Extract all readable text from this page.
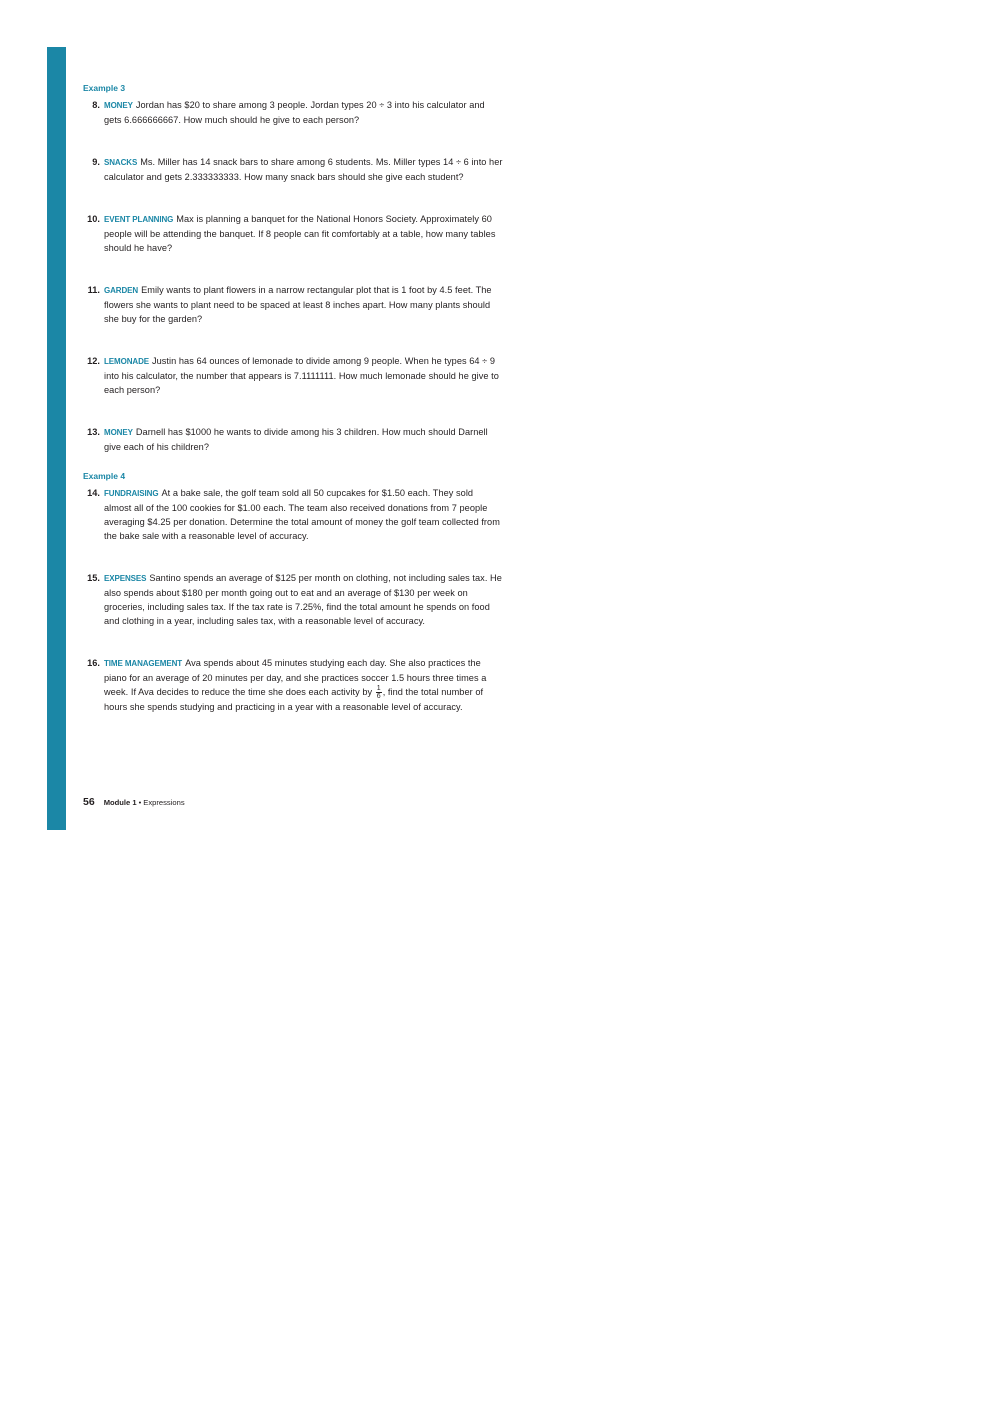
Example 3
8. MONEY Jordan has $20 to share among 3 people. Jordan types 20 ÷ 3 into his calculator and gets 6.666666667. How much should he give to each person?
9. SNACKS Ms. Miller has 14 snack bars to share among 6 students. Ms. Miller types 14 ÷ 6 into her calculator and gets 2.333333333. How many snack bars should she give each student?
10. EVENT PLANNING Max is planning a banquet for the National Honors Society. Approximately 60 people will be attending the banquet. If 8 people can fit comfortably at a table, how many tables should he have?
11. GARDEN Emily wants to plant flowers in a narrow rectangular plot that is 1 foot by 4.5 feet. The flowers she wants to plant need to be spaced at least 8 inches apart. How many plants should she buy for the garden?
12. LEMONADE Justin has 64 ounces of lemonade to divide among 9 people. When he types 64 ÷ 9 into his calculator, the number that appears is 7.1111111. How much lemonade should he give to each person?
13. MONEY Darnell has $1000 he wants to divide among his 3 children. How much should Darnell give each of his children?
Example 4
14. FUNDRAISING At a bake sale, the golf team sold all 50 cupcakes for $1.50 each. They sold almost all of the 100 cookies for $1.00 each. The team also received donations from 7 people averaging $4.25 per donation. Determine the total amount of money the golf team collected from the bake sale with a reasonable level of accuracy.
15. EXPENSES Santino spends an average of $125 per month on clothing, not including sales tax. He also spends about $180 per month going out to eat and an average of $130 per week on groceries, including sales tax. If the tax rate is 7.25%, find the total amount he spends on food and clothing in a year, including sales tax, with a reasonable level of accuracy.
16. TIME MANAGEMENT Ava spends about 45 minutes studying each day. She also practices the piano for an average of 20 minutes per day, and she practices soccer 1.5 hours three times a week. If Ava decides to reduce the time she does each activity by $\frac{1}{6}$ , find the total number of hours she spends studying and practicing in a year with a reasonable level of accuracy.
56 Module 1 • Expressions
